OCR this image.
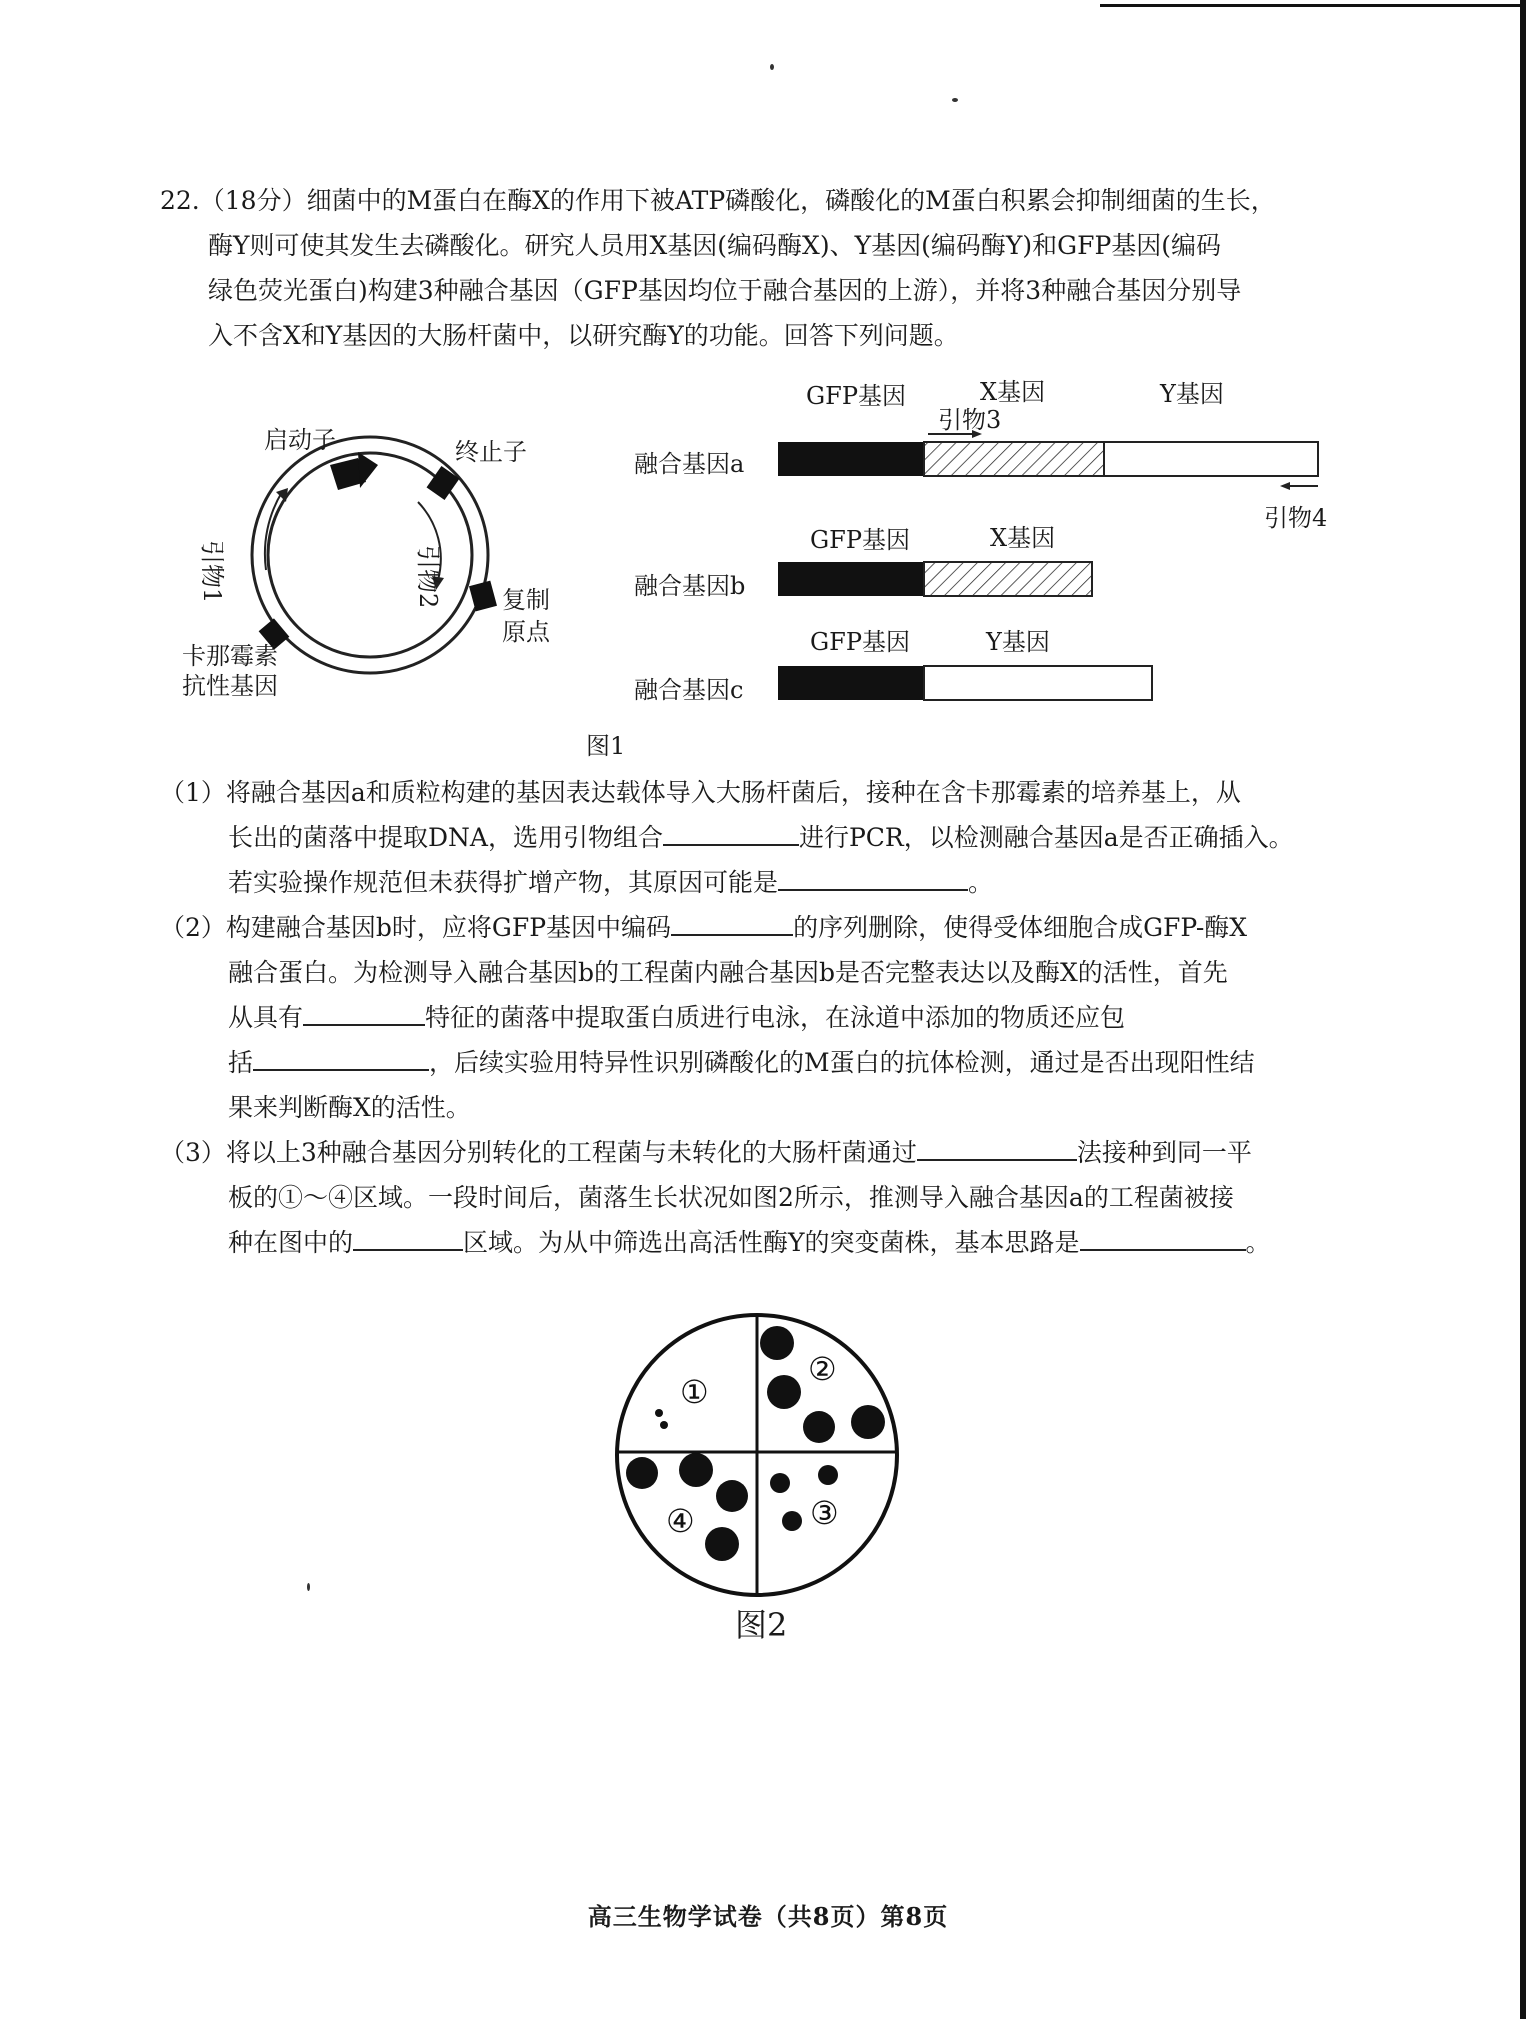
22.（18分）细菌中的M蛋白在酶X的作用下被ATP磷酸化，磷酸化的M蛋白积累会抑制细菌的生长，
酶Y则可使其发生去磷酸化。研究人员用X基因(编码酶X)、Y基因(编码酶Y)和GFP基因(编码
绿色荧光蛋白)构建3种融合基因（GFP基因均位于融合基因的上游），并将3种融合基因分别导
入不含X和Y基因的大肠杆菌中，以研究酶Y的功能。回答下列问题。
启动子	终止子
引物1	引物2	复制
原点
卡那霉素
抗性基因
GFP基因	X基因	Y基因
引物3
融合基因a
引物4
GFP基因	X基因
融合基因b
GFP基因	Y基因
融合基因c
图1
（1）将融合基因a和质粒构建的基因表达载体导入大肠杆菌后，接种在含卡那霉素的培养基上，从
长出的菌落中提取DNA，选用引物组合	进行PCR，以检测融合基因a是否正确插入。
若实验操作规范但未获得扩增产物，其原因可能是	。
（2）构建融合基因b时，应将GFP基因中编码	的序列删除，使得受体细胞合成GFP-酶X
融合蛋白。为检测导入融合基因b的工程菌内融合基因b是否完整表达以及酶X的活性，首先
从具有	特征的菌落中提取蛋白质进行电泳，在泳道中添加的物质还应包
括	，后续实验用特异性识别磷酸化的M蛋白的抗体检测，通过是否出现阳性结
果来判断酶X的活性。
（3）将以上3种融合基因分别转化的工程菌与未转化的大肠杆菌通过	法接种到同一平
板的①～④区域。一段时间后，菌落生长状况如图2所示，推测导入融合基因a的工程菌被接
种在图中的	区域。为从中筛选出高活性酶Y的突变菌株，基本思路是	。
①
②
③
④
图2
高三生物学试卷（共8页）第8页
